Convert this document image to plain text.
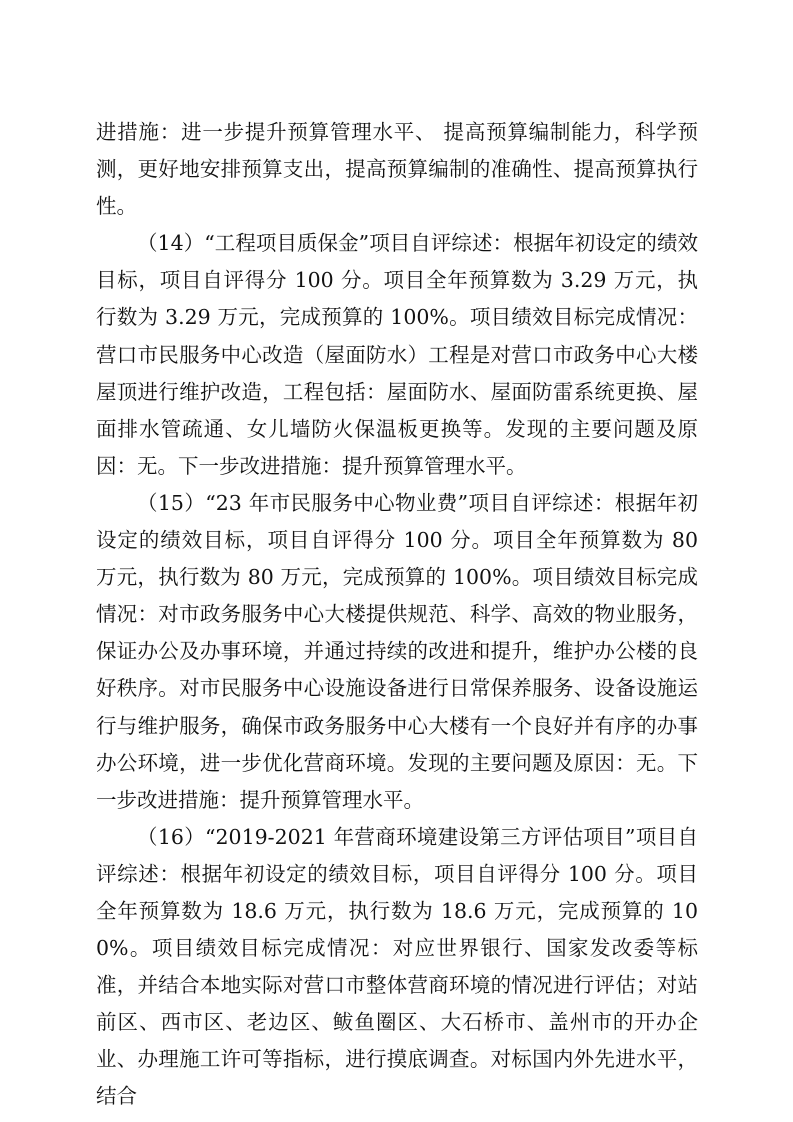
进措施：进一步提升预算管理水平、 提高预算编制能力，科学预测，更好地安排预算支出，提高预算编制的准确性、提高预算执行性。

（14）“工程项目质保金”项目自评综述：根据年初设定的绩效目标，项目自评得分 100 分。项目全年预算数为 3.29 万元，执行数为 3.29 万元，完成预算的 100%。项目绩效目标完成情况：营口市民服务中心改造（屋面防水）工程是对营口市政务中心大楼屋顶进行维护改造，工程包括：屋面防水、屋面防雷系统更换、屋面排水管疏通、女儿墙防火保温板更换等。发现的主要问题及原因：无。下一步改进措施：提升预算管理水平。

（15）“23 年市民服务中心物业费”项目自评综述：根据年初设定的绩效目标，项目自评得分 100 分。项目全年预算数为 80 万元，执行数为 80 万元，完成预算的 100%。项目绩效目标完成情况：对市政务服务中心大楼提供规范、科学、高效的物业服务，保证办公及办事环境，并通过持续的改进和提升，维护办公楼的良好秩序。对市民服务中心设施设备进行日常保养服务、设备设施运行与维护服务，确保市政务服务中心大楼有一个良好并有序的办事办公环境，进一步优化营商环境。发现的主要问题及原因：无。下一步改进措施：提升预算管理水平。

（16）“2019-2021 年营商环境建设第三方评估项目”项目自评综述：根据年初设定的绩效目标，项目自评得分 100 分。项目全年预算数为 18.6 万元，执行数为 18.6 万元，完成预算的 100%。项目绩效目标完成情况：对应世界银行、国家发改委等标准，并结合本地实际对营口市整体营商环境的情况进行评估；对站前区、西市区、老边区、鲅鱼圈区、大石桥市、盖州市的开办企业、办理施工许可等指标，进行摸底调查。对标国内外先进水平，结合
